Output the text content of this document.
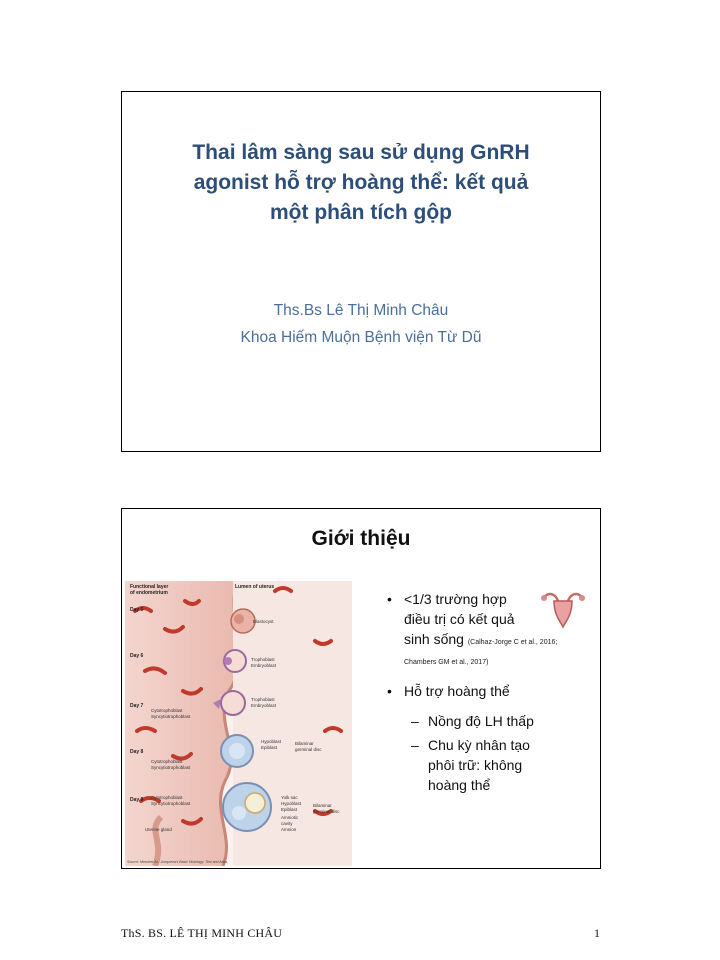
Thai lâm sàng sau sử dụng GnRH
agonist hỗ trợ hoàng thể: kết quả
một phân tích gộp
Ths.Bs Lê Thị Minh Châu
Khoa Hiếm Muộn Bệnh viện Từ Dũ
Giới thiệu
Functional layer
of endometrium
Lumen of uterus
Day 5
Day 6
Day 7
Day 8
Day 9
Blastocyst
Trophoblast
Embryoblast
Trophoblast
Embryoblast
Cytotrophoblast
Syncytiotrophoblast
Hypoblast
Epiblast
Bilaminar
germinal disc
Cytotrophoblast
Syncytiotrophoblast
Cytotrophoblast
Syncytiotrophoblast
Yolk sac
Hypoblast
Epiblast
Bilaminar
germinal disc
Amniotic
cavity
Amnion
Uterine gland
Source: Mescher AL: Junqueira's Basic Histology: Text and Atlas,
• <1/3 trường hợp
điều trị có kết quả
sinh sống (Calhaz-Jorge C et al., 2016; Chambers GM et al., 2017)
• Hỗ trợ hoàng thể
– Nồng độ LH thấp
– Chu kỳ nhân tạo
phôi trữ: không
hoàng thể
ThS. BS. LÊ THỊ MINH CHÂU	1
